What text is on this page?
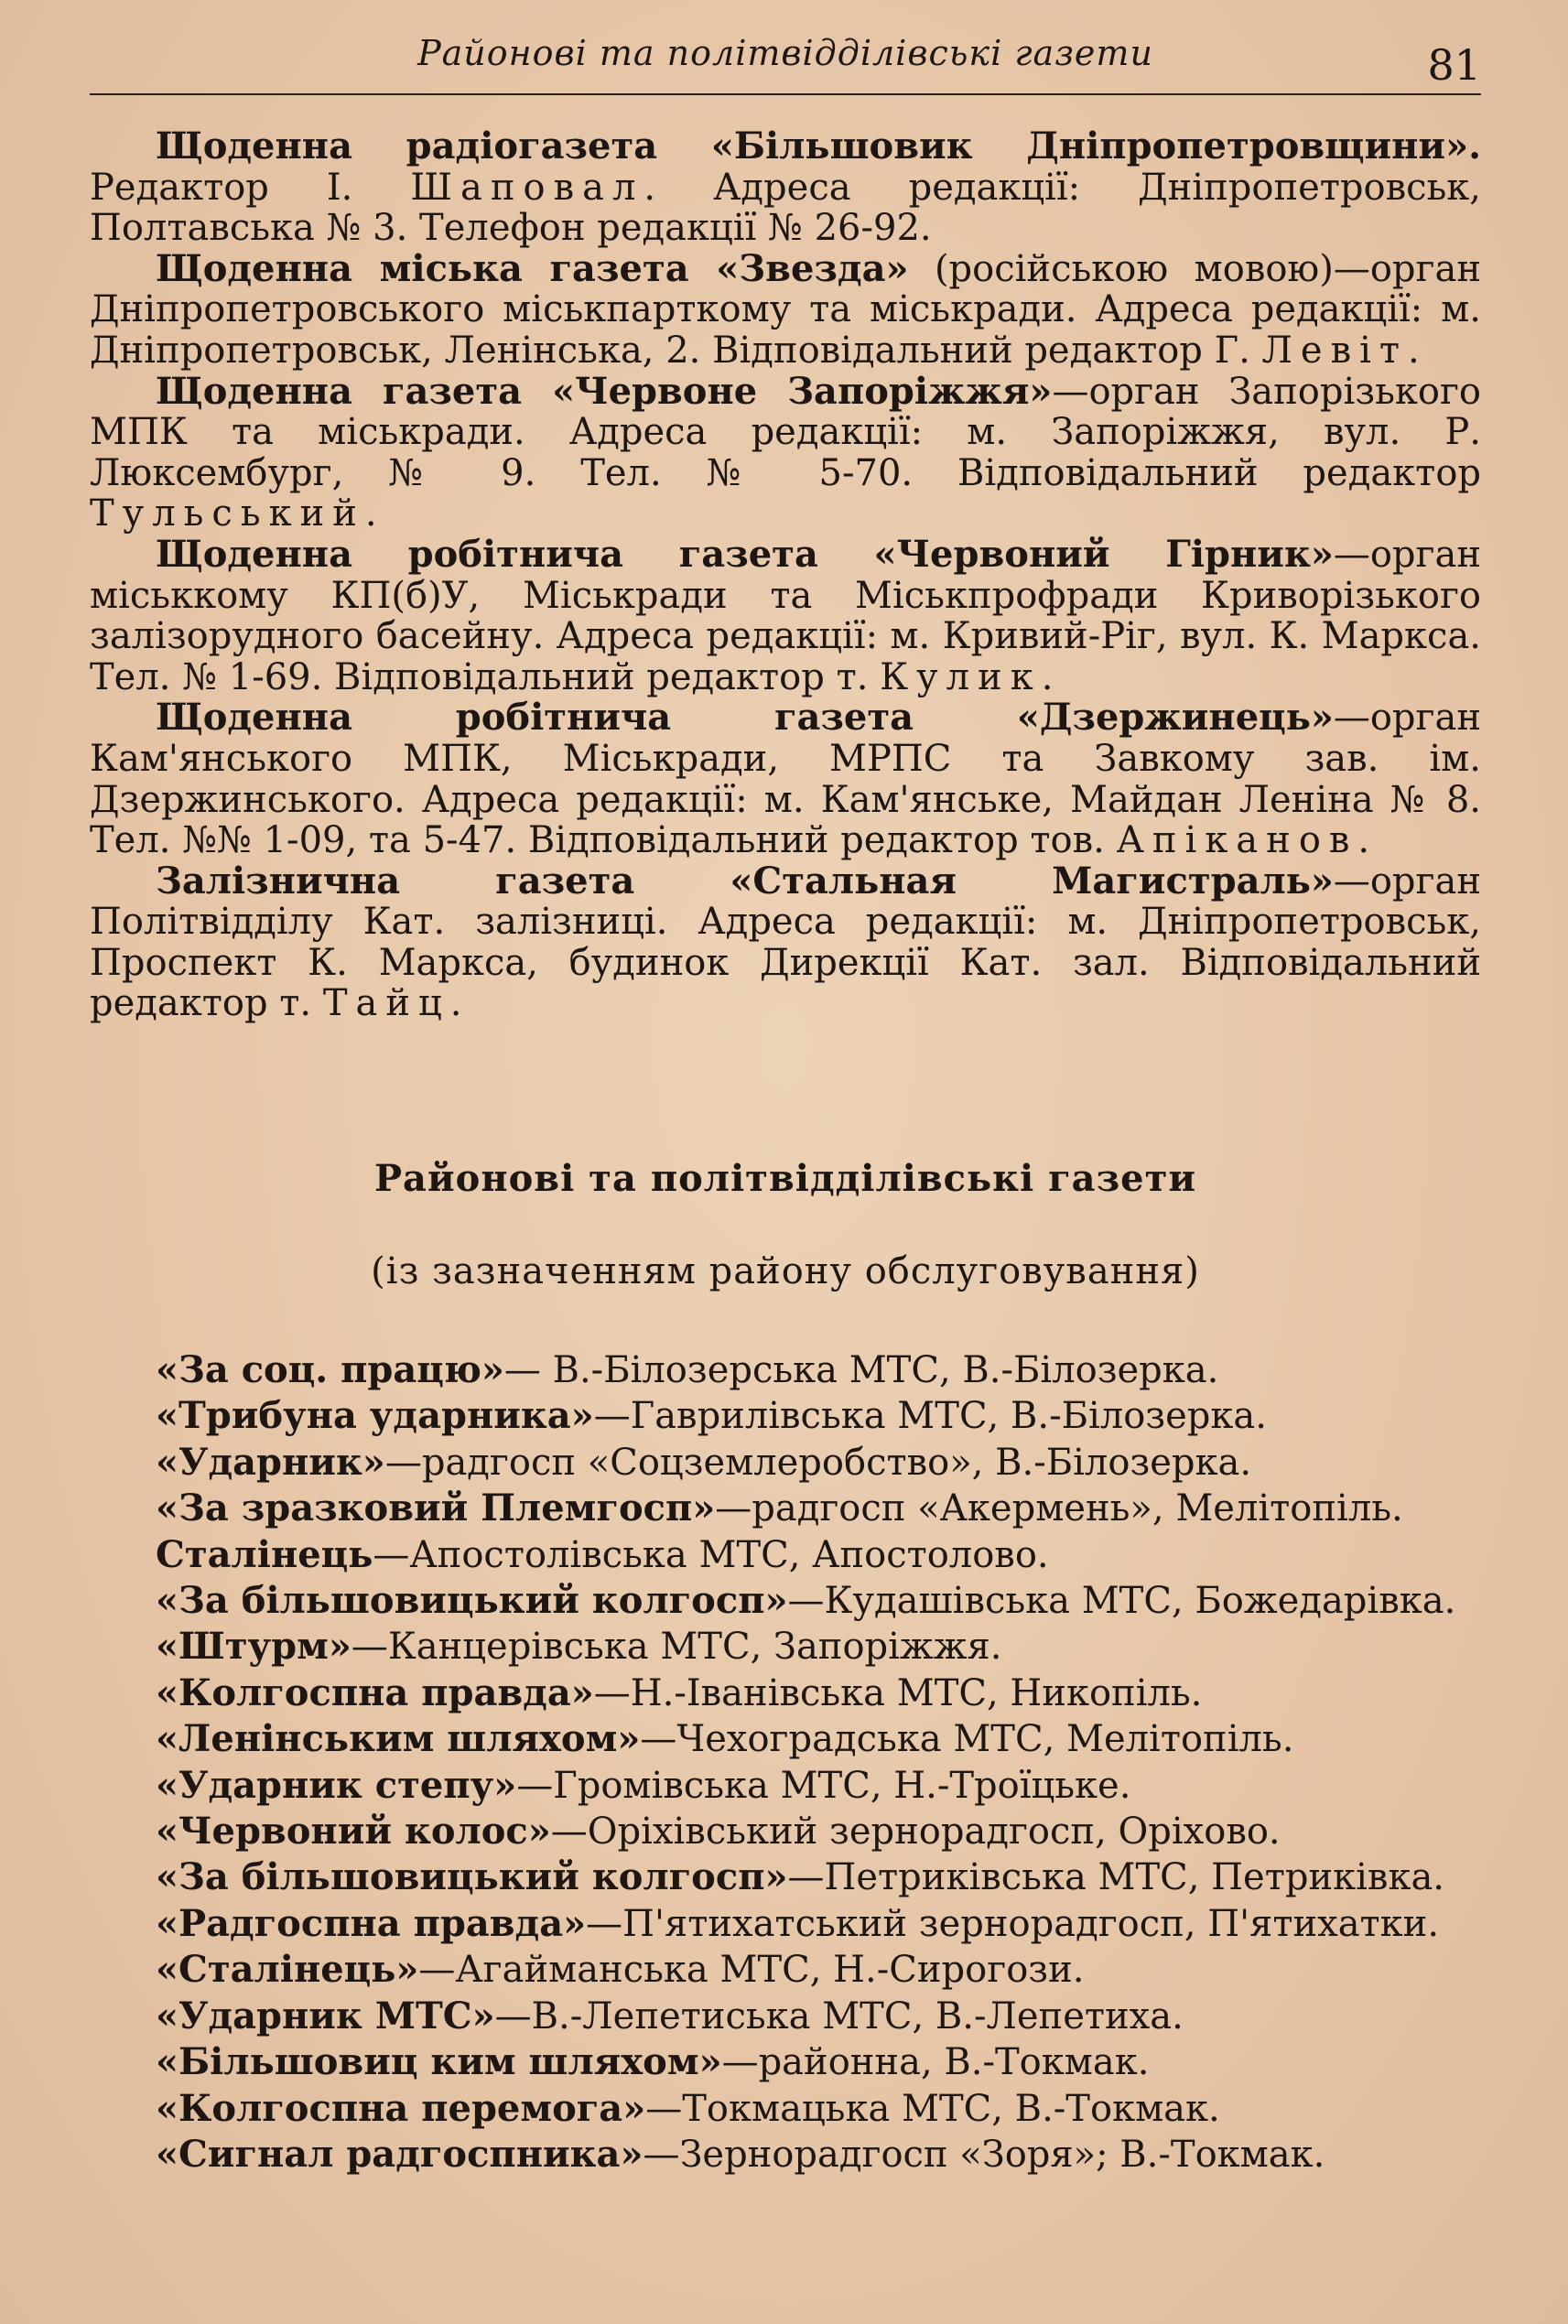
Районові та політвідділівські газети	81

Щоденна радіогазета «Більшовик Дніпропетровщини». Редактор І. Шаповал. Адреса редакції: Дніпропетровськ, Полтавська № 3. Телефон редакції № 26-92.

Щоденна міська газета «Звезда» (російською мовою)—орган Дніпропетровського міськпарткому та міськради. Адреса редакції: м. Дніпропетровськ, Ленінська, 2. Відповідальний редактор Г. Левіт.

Щоденна газета «Червоне Запоріжжя»—орган Запорізького МПК та міськради. Адреса редакції: м. Запоріжжя, вул. Р. Люксембург, № 9. Тел. № 5-70. Відповідальний редактор Тульський.

Щоденна робітнича газета «Червоний Гірник»—орган міськкому КП(б)У, Міськради та Міськпрофради Криворізького залізорудного басейну. Адреса редакції: м. Кривий-Ріг, вул. К. Маркса. Тел. № 1-69. Відповідальний редактор т. Кулик.

Щоденна робітнича газета «Дзержинець»—орган Кам'янського МПК, Міськради, МРПС та Завкому зав. ім. Дзержинського. Адреса редакції: м. Кам'янське, Майдан Леніна № 8. Тел. №№ 1-09, та 5-47. Відповідальний редактор тов. Апіканов.

Залізнична газета «Стальная Магистраль»—орган Політвідділу Кат. залізниці. Адреса редакції: м. Дніпропетровськ, Проспект К. Маркса, будинок Дирекції Кат. зал. Відповідальний редактор т. Тайц.

Районові та політвідділівські газети
(із зазначенням району обслуговування)
«За соц. працю»— В.-Білозерська МТС, В.-Білозерка.
«Трибуна ударника»—Гаврилівська МТС, В.-Білозерка.
«Ударник»—радгосп «Соцземлеробство», В.-Білозерка.
«За зразковий Племгосп»—радгосп «Акермень», Мелітопіль.
Сталінець—Апостолівська МТС, Апостолово.
«За більшовицький колгосп»—Кудашівська МТС, Божедарівка.
«Штурм»—Канцерівська МТС, Запоріжжя.
«Колгоспна правда»—Н.-Іванівська МТС, Никопіль.
«Ленінським шляхом»—Чехоградська МТС, Мелітопіль.
«Ударник степу»—Громівська МТС, Н.-Троїцьке.
«Червоний колос»—Оріхівський зернорадгосп, Оріхово.
«За більшовицький колгосп»—Петриківська МТС, Петриківка.
«Радгоспна правда»—П'ятихатський зернорадгосп, П'ятихатки.
«Сталінець»—Агайманська МТС, Н.-Сирогози.
«Ударник МТС»—В.-Лепетиська МТС, В.-Лепетиха.
«Більшовиц ким шляхом»—районна, В.-Токмак.
«Колгоспна перемога»—Токмацька МТС, В.-Токмак.
«Сигнал радгоспника»—Зернорадгосп «Зоря»; В.-Токмак.
